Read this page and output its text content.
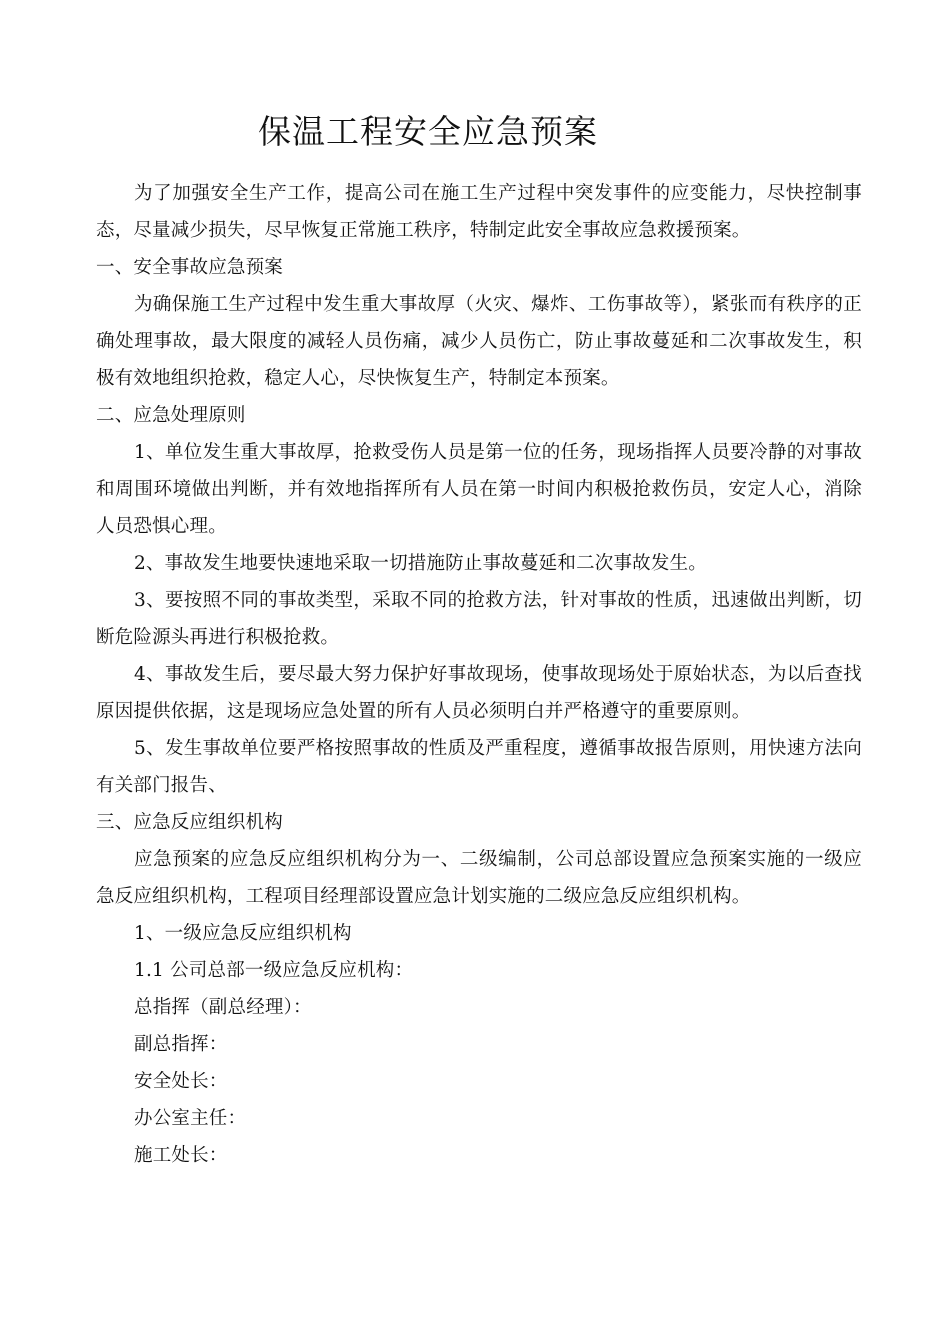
保温工程安全应急预案

为了加强安全生产工作，提高公司在施工生产过程中突发事件的应变能力，尽快控制事态，尽量减少损失，尽早恢复正常施工秩序，特制定此安全事故应急救援预案。

一、安全事故应急预案

为确保施工生产过程中发生重大事故厚（火灾、爆炸、工伤事故等），紧张而有秩序的正确处理事故，最大限度的减轻人员伤痛，减少人员伤亡，防止事故蔓延和二次事故发生，积极有效地组织抢救，稳定人心，尽快恢复生产，特制定本预案。

二、应急处理原则

1、单位发生重大事故厚，抢救受伤人员是第一位的任务，现场指挥人员要冷静的对事故和周围环境做出判断，并有效地指挥所有人员在第一时间内积极抢救伤员，安定人心，消除人员恐惧心理。

2、事故发生地要快速地采取一切措施防止事故蔓延和二次事故发生。

3、要按照不同的事故类型，采取不同的抢救方法，针对事故的性质，迅速做出判断，切断危险源头再进行积极抢救。

4、事故发生后，要尽最大努力保护好事故现场，使事故现场处于原始状态，为以后查找原因提供依据，这是现场应急处置的所有人员必须明白并严格遵守的重要原则。

5、发生事故单位要严格按照事故的性质及严重程度，遵循事故报告原则，用快速方法向有关部门报告、

三、应急反应组织机构

应急预案的应急反应组织机构分为一、二级编制，公司总部设置应急预案实施的一级应急反应组织机构，工程项目经理部设置应急计划实施的二级应急反应组织机构。

1、一级应急反应组织机构

1.1 公司总部一级应急反应机构：

总指挥（副总经理）：

副总指挥：

安全处长：

办公室主任：

施工处长：
